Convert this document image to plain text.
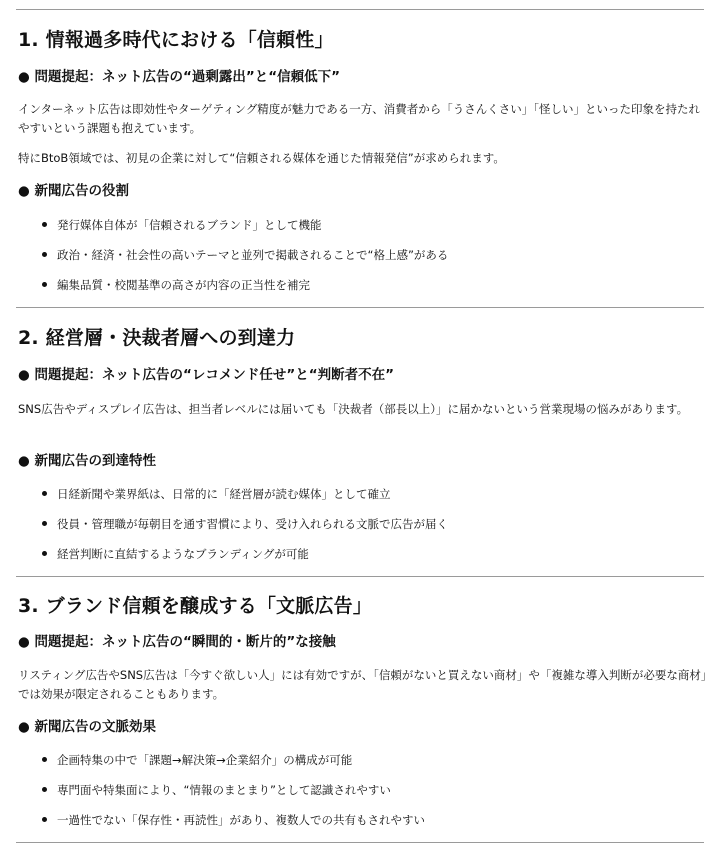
1. 情報過多時代における「信頼性」
● 問題提起：ネット広告の“過剰露出”と“信頼低下”
インターネット広告は即効性やターゲティング精度が魅力である一方、消費者から「うさんくさい」「怪しい」といった印象を持たれやすいという課題も抱えています。
特にBtoB領域では、初見の企業に対して“信頼される媒体を通じた情報発信”が求められます。
● 新聞広告の役割
発行媒体自体が「信頼されるブランド」として機能
政治・経済・社会性の高いテーマと並列で掲載されることで“格上感”がある
編集品質・校閲基準の高さが内容の正当性を補完
2. 経営層・決裁者層への到達力
● 問題提起：ネット広告の“レコメンド任せ”と“判断者不在”
SNS広告やディスプレイ広告は、担当者レベルには届いても「決裁者（部長以上）」に届かないという営業現場の悩みがあります。
● 新聞広告の到達特性
日経新聞や業界紙は、日常的に「経営層が読む媒体」として確立
役員・管理職が毎朝目を通す習慣により、受け入れられる文脈で広告が届く
経営判断に直結するようなブランディングが可能
3. ブランド信頼を醸成する「文脈広告」
● 問題提起：ネット広告の“瞬間的・断片的”な接触
リスティング広告やSNS広告は「今すぐ欲しい人」には有効ですが、「信頼がないと買えない商材」や「複雑な導入判断が必要な商材」では効果が限定されることもあります。
● 新聞広告の文脈効果
企画特集の中で「課題→解決策→企業紹介」の構成が可能
専門面や特集面により、“情報のまとまり”として認識されやすい
一過性でない「保存性・再読性」があり、複数人での共有もされやすい
